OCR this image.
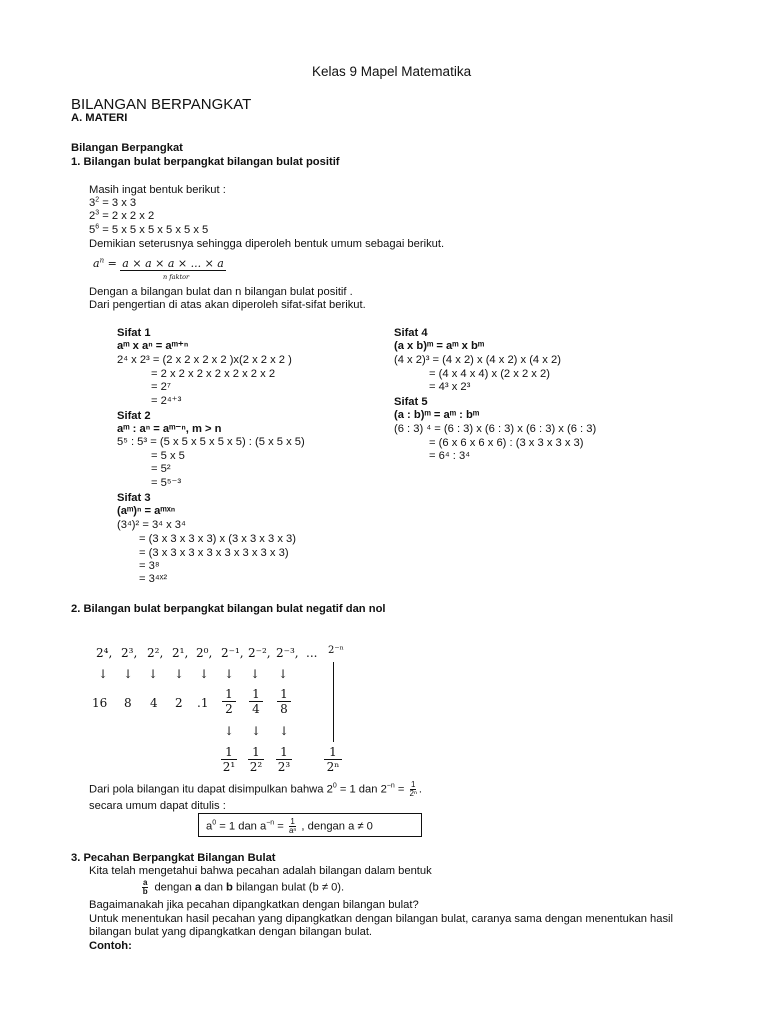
Kelas 9 Mapel Matematika
BILANGAN BERPANGKAT
A. MATERI
Bilangan Berpangkat
1. Bilangan bulat berpangkat bilangan bulat positif
Masih ingat bentuk berikut :
$3^2 = 3$ x 3
$2^3 = 2$ x 2 x 2
$5^6 = 5$ x 5 x 5 x 5 x 5 x 5
Demikian seterusnya sehingga diperoleh bentuk umum sebagai berikut.
$a^n = a \times a \times a$ × ... × a
n faktor
Dengan a bilangan bulat dan n bilangan bulat positif .
Dari pengertian di atas akan diperoleh sifat-sifat berikut.
Sifat 1
aᵐ x aⁿ = aᵐ⁺ⁿ
2⁴ x 2³ = (2 x 2 x 2 x 2 )x(2 x 2 x 2 )
= 2 x 2 x 2 x 2 x 2 x 2 x 2
= 2⁷
= 2⁴⁺³
Sifat 2
aᵐ : aⁿ = aᵐ⁻ⁿ, m > n
5⁵ : 5³ = (5 x 5 x 5 x 5 x 5) : (5 x 5 x 5)
= 5 x 5
= 5²
= 5⁵⁻³
Sifat 3
(aᵐ)ⁿ = aᵐˣⁿ
(3⁴)² = 3⁴ x 3⁴
= (3 x 3 x 3 x 3) x (3 x 3 x 3 x 3)
= (3 x 3 x 3 x 3 x 3 x 3 x 3 x 3)
= 3⁸
= 3⁴ˣ²
Sifat 4
(a x b)ᵐ = aᵐ x bᵐ
(4 x 2)³ = (4 x 2) x (4 x 2) x (4 x 2)
= (4 x 4 x 4) x (2 x 2 x 2)
= 4³ x 2³
Sifat 5
(a : b)ᵐ = aᵐ : bᵐ
(6 : 3) ⁴ = (6 : 3) x (6 : 3) x (6 : 3) x (6 : 3)
= (6 x 6 x 6 x 6) : (3 x 3 x 3 x 3)
= 6⁴ : 3⁴
2. Bilangan bulat berpangkat bilangan bulat negatif dan nol
2⁴, 2³, 2², 2¹, 2⁰, 2⁻¹, 2⁻², 2⁻³, ... 2⁻ⁿ
↓ ↓ ↓ ↓ ↓ ↓ ↓ ↓
16 8 4 2 $.1 \frac{1}{2} \frac{1}{4} \frac{1}{8}$
↓ ↓ ↓
$\frac{1}{\text{2¹}} \frac{1}{\text{2²}} \frac{1}{\text{2³}}$	$\frac{1}{\text{2ⁿ}}$
Dari pola bilangan itu dapat disimpulkan bahwa $2^0 = 1$ dan $2^{-n} = \frac{1}{\text{2ⁿ}}$ .
secara umum dapat ditulis :
$a^0 = 1$ dan $a^{-n} = \frac{1}{\text{aⁿ}}$ , dengan a ≠ 0
3. Pecahan Berpangkat Bilangan Bulat
Kita telah mengetahui bahwa pecahan adalah bilangan dalam bentuk
$\frac{a}{b}$ dengan a dan b bilangan bulat (b ≠ 0).
Bagaimanakah jika pecahan dipangkatkan dengan bilangan bulat?
Untuk menentukan hasil pecahan yang dipangkatkan dengan bilangan bulat, caranya sama dengan menentukan hasil
bilangan bulat yang dipangkatkan dengan bilangan bulat.
Contoh:
